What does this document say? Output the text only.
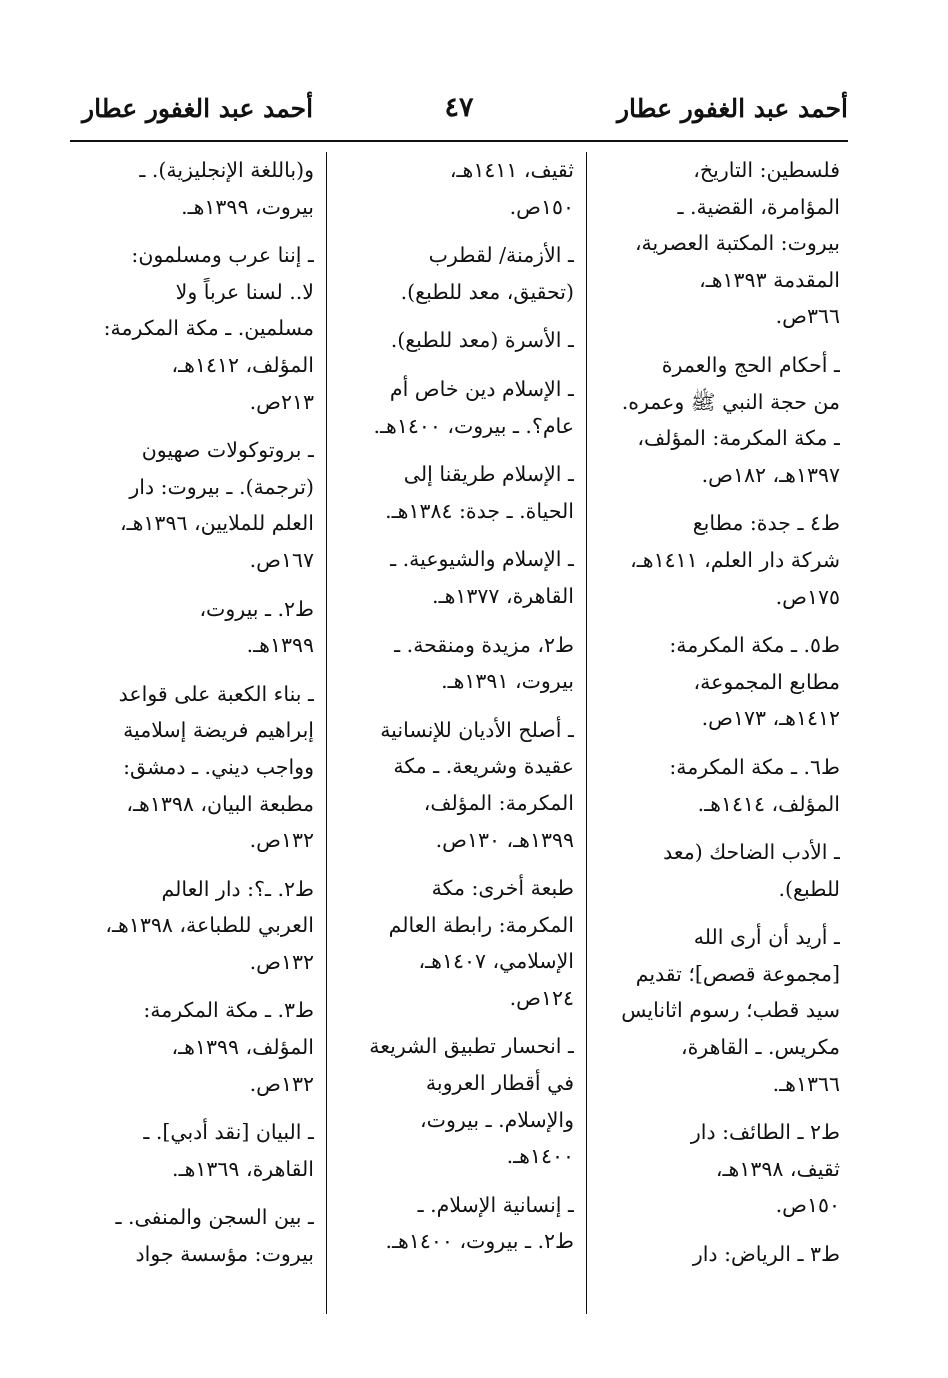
أحمد عبد الغفور عطار
٤٧
أحمد عبد الغفور عطار

فلسطين: التاريخ،
المؤامرة، القضية. ـ
بيروت: المكتبة العصرية،
المقدمة ١٣٩٣هـ،
٣٦٦ص.

ـ أحكام الحج والعمرة
من حجة النبي ﷺ وعمره.
ـ مكة المكرمة: المؤلف،
١٣٩٧هـ، ١٨٢ص.

ط٤ ـ جدة: مطابع
شركة دار العلم، ١٤١١هـ،
١٧٥ص.

ط٥. ـ مكة المكرمة:
مطابع المجموعة،
١٤١٢هـ، ١٧٣ص.

ط٦. ـ مكة المكرمة:
المؤلف، ١٤١٤هـ.

ـ الأدب الضاحك (معد
للطبع).

ـ أريد أن أرى الله
[مجموعة قصص]؛ تقديم
سيد قطب؛ رسوم اثانايس
مكريس. ـ القاهرة،
١٣٦٦هـ.

ط٢ ـ الطائف: دار
ثقيف، ١٣٩٨هـ،
١٥٠ص.

ط٣ ـ الرياض: دار

ثقيف، ١٤١١هـ،
١٥٠ص.

ـ الأزمنة/ لقطرب
(تحقيق، معد للطبع).

ـ الأسرة (معد للطبع).

ـ الإسلام دين خاص أم
عام؟. ـ بيروت، ١٤٠٠هـ.

ـ الإسلام طريقنا إلى
الحياة. ـ جدة: ١٣٨٤هـ.

ـ الإسلام والشيوعية. ـ
القاهرة، ١٣٧٧هـ.

ط٢، مزيدة ومنقحة. ـ
بيروت، ١٣٩١هـ.

ـ أصلح الأديان للإنسانية
عقيدة وشريعة. ـ مكة
المكرمة: المؤلف،
١٣٩٩هـ، ١٣٠ص.

طبعة أخرى: مكة
المكرمة: رابطة العالم
الإسلامي، ١٤٠٧هـ،
١٢٤ص.

ـ انحسار تطبيق الشريعة
في أقطار العروبة
والإسلام. ـ بيروت،
١٤٠٠هـ.

ـ إنسانية الإسلام. ـ
ط٢. ـ بيروت، ١٤٠٠هـ.

و(باللغة الإنجليزية). ـ
بيروت، ١٣٩٩هـ.

ـ إننا عرب ومسلمون:
لا.. لسنا عرباً ولا
مسلمين. ـ مكة المكرمة:
المؤلف، ١٤١٢هـ،
٢١٣ص.

ـ بروتوكولات صهيون
(ترجمة). ـ بيروت: دار
العلم للملايين، ١٣٩٦هـ،
١٦٧ص.

ط٢. ـ بيروت،
١٣٩٩هـ.

ـ بناء الكعبة على قواعد
إبراهيم فريضة إسلامية
وواجب ديني. ـ دمشق:
مطبعة البيان، ١٣٩٨هـ،
١٣٢ص.

ط٢. ـ؟: دار العالم
العربي للطباعة، ١٣٩٨هـ،
١٣٢ص.

ط٣. ـ مكة المكرمة:
المؤلف، ١٣٩٩هـ،
١٣٢ص.

ـ البيان [نقد أدبي]. ـ
القاهرة، ١٣٦٩هـ.

ـ بين السجن والمنفى. ـ
بيروت: مؤسسة جواد
